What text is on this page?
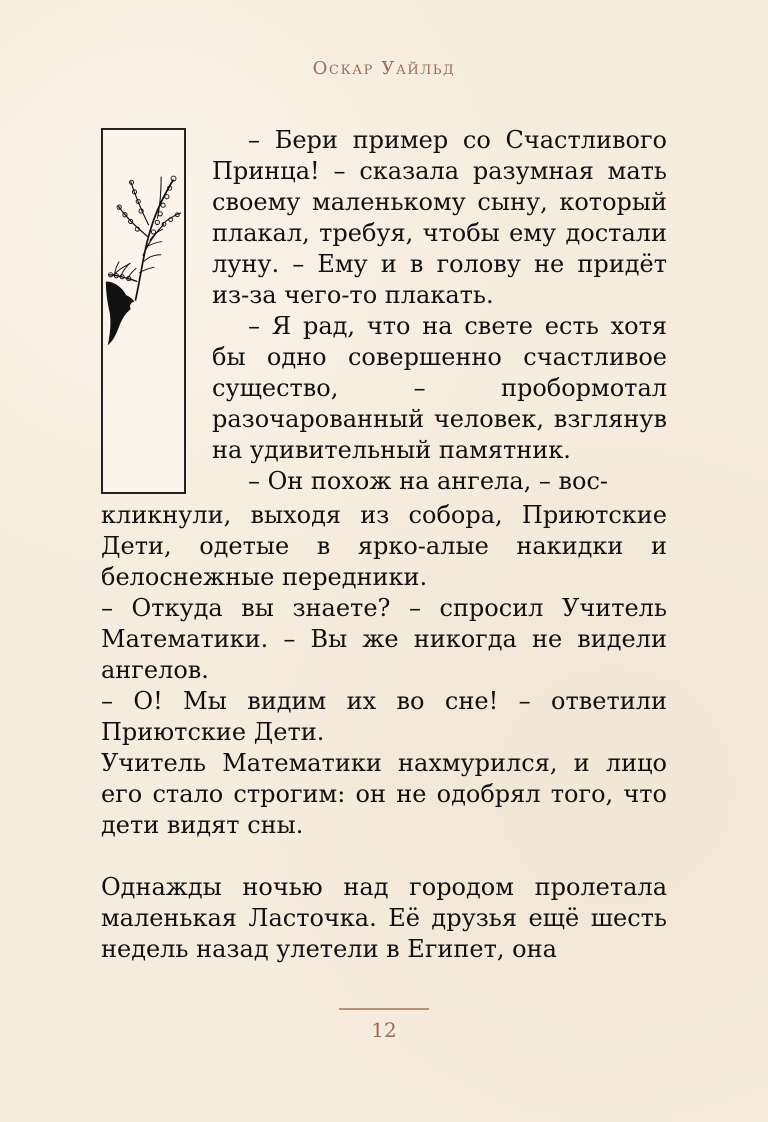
Оскар Уайльд

– Бери пример со Счастливого Принца! – сказала разумная мать своему маленькому сыну, который плакал, требуя, чтобы ему достали луну. – Ему и в голову не придёт из-за чего-то плакать.

– Я рад, что на свете есть хотя бы одно совершенно счастливое существо, – пробормотал разочарованный человек, взглянув на удивительный памятник.

– Он похож на ангела, – вос-

кликнули, выходя из собора, Приютские Дети, одетые в ярко-алые накидки и белоснежные передники.

– Откуда вы знаете? – спросил Учитель Математики. – Вы же никогда не видели ангелов.

– О! Мы видим их во сне! – ответили Приютские Дети.

Учитель Математики нахмурился, и лицо его стало строгим: он не одобрял того, что дети видят сны.

Однажды ночью над городом пролетала маленькая Ласточка. Её друзья ещё шесть недель назад улетели в Египет, она

12
